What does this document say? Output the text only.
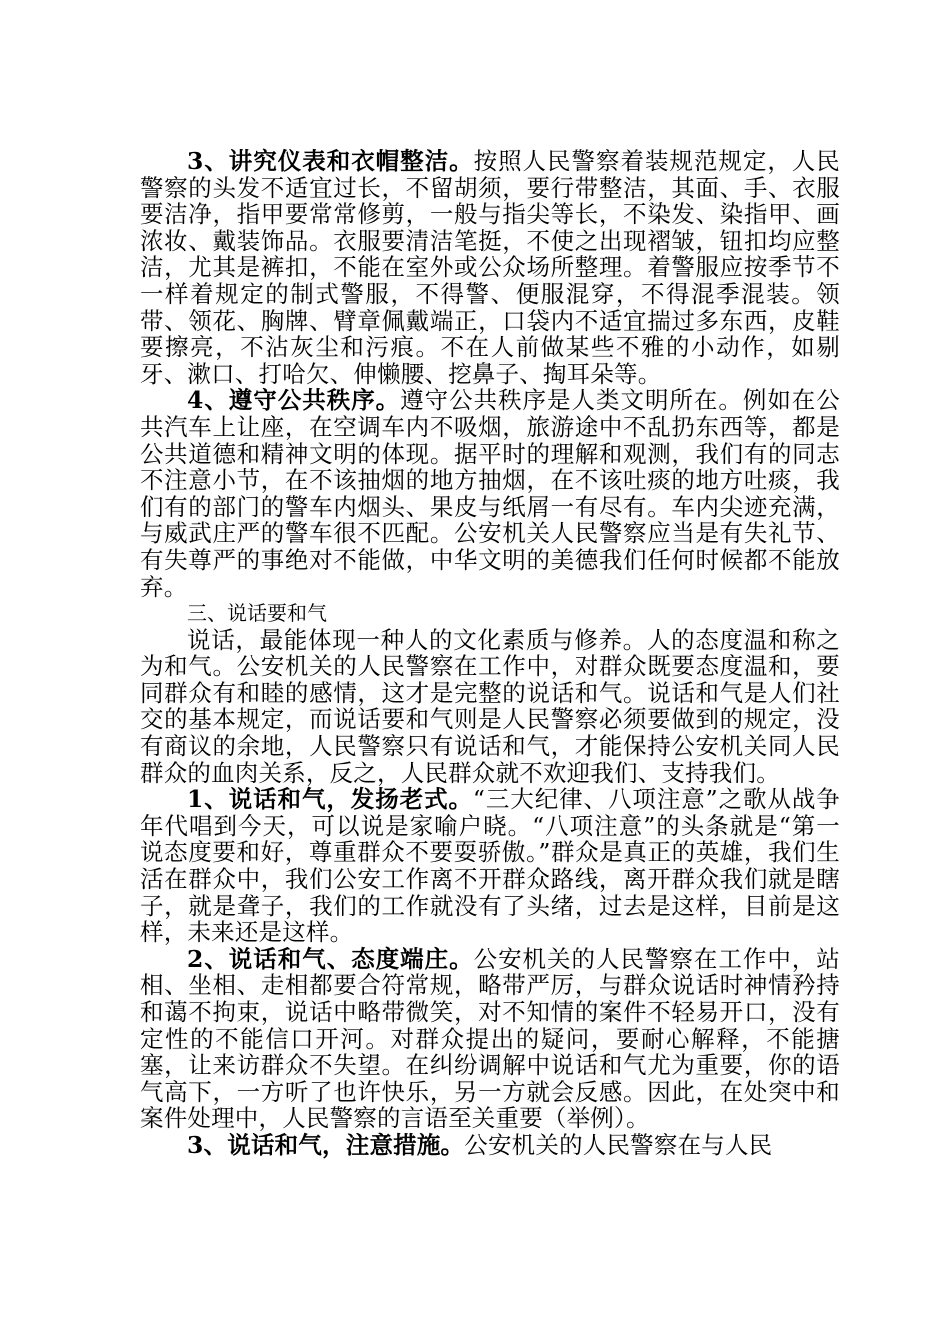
3、讲究仪表和衣帽整洁。按照人民警察着装规范规定，人民警察的头发不适宜过长，不留胡须，要行带整洁，其面、手、衣服要洁净，指甲要常常修剪，一般与指尖等长，不染发、染指甲、画浓妆、戴装饰品。衣服要清洁笔挺，不使之出现褶皱，钮扣均应整洁，尤其是裤扣，不能在室外或公众场所整理。着警服应按季节不一样着规定的制式警服，不得警、便服混穿，不得混季混装。领带、领花、胸牌、臂章佩戴端正，口袋内不适宜揣过多东西，皮鞋要擦亮，不沾灰尘和污痕。不在人前做某些不雅的小动作，如剔牙、漱口、打哈欠、伸懒腰、挖鼻子、掏耳朵等。

4、遵守公共秩序。遵守公共秩序是人类文明所在。例如在公共汽车上让座，在空调车内不吸烟，旅游途中不乱扔东西等，都是公共道德和精神文明的体现。据平时的理解和观测，我们有的同志不注意小节，在不该抽烟的地方抽烟，在不该吐痰的地方吐痰，我们有的部门的警车内烟头、果皮与纸屑一有尽有。车内尖迹充满，与威武庄严的警车很不匹配。公安机关人民警察应当是有失礼节、有失尊严的事绝对不能做，中华文明的美德我们任何时候都不能放弃。

三、说话要和气

说话，最能体现一种人的文化素质与修养。人的态度温和称之为和气。公安机关的人民警察在工作中，对群众既要态度温和，要同群众有和睦的感情，这才是完整的说话和气。说话和气是人们社交的基本规定，而说话要和气则是人民警察必须要做到的规定，没有商议的余地，人民警察只有说话和气，才能保持公安机关同人民群众的血肉关系，反之，人民群众就不欢迎我们、支持我们。

1、说话和气，发扬老式。“三大纪律、八项注意”之歌从战争年代唱到今天，可以说是家喻户晓。“八项注意”的头条就是“第一说态度要和好，尊重群众不要耍骄傲。”群众是真正的英雄，我们生活在群众中，我们公安工作离不开群众路线，离开群众我们就是瞎子，就是聋子，我们的工作就没有了头绪，过去是这样，目前是这样，未来还是这样。

2、说话和气、态度端庄。公安机关的人民警察在工作中，站相、坐相、走相都要合符常规，略带严厉，与群众说话时神情矜持和蔼不拘束，说话中略带微笑，对不知情的案件不轻易开口，没有定性的不能信口开河。对群众提出的疑问，要耐心解释，不能搪塞，让来访群众不失望。在纠纷调解中说话和气尤为重要，你的语气高下，一方听了也许快乐，另一方就会反感。因此，在处突中和案件处理中，人民警察的言语至关重要（举例）。

3、说话和气，注意措施。公安机关的人民警察在与人民
